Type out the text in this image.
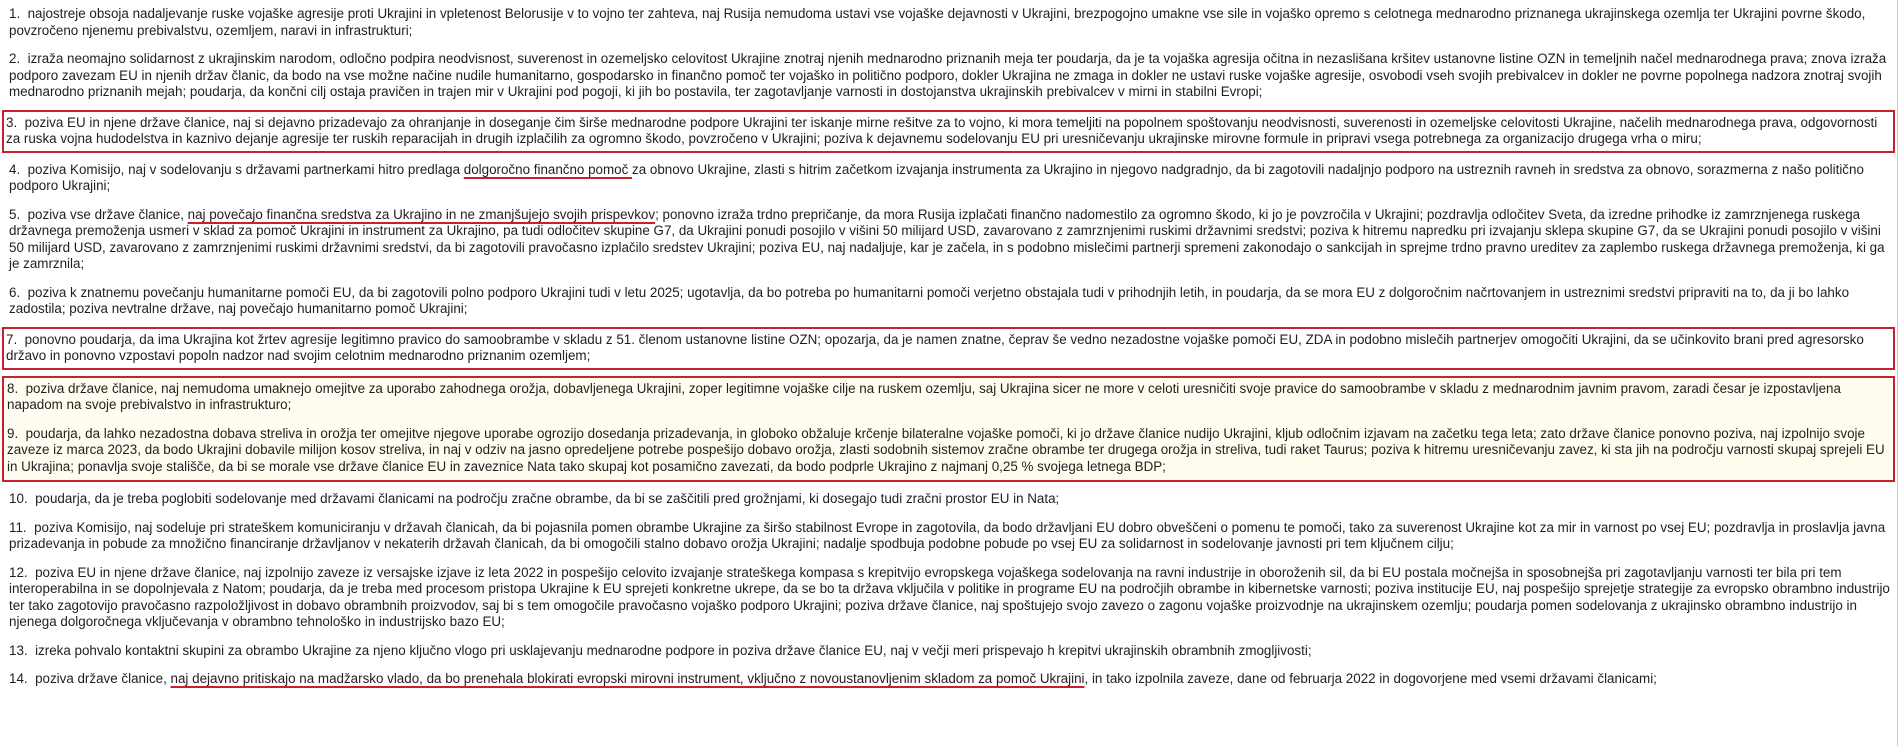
1.  najostreje obsoja nadaljevanje ruske vojaške agresije proti Ukrajini in vpletenost Belorusije v to vojno ter zahteva, naj Rusija nemudoma ustavi vse vojaške dejavnosti v Ukrajini, brezpogojno umakne vse sile in vojaško opremo s celotnega mednarodno priznanega ukrajinskega ozemlja ter Ukrajini povrne škodo, povzročeno njenemu prebivalstvu, ozemljem, naravi in infrastrukturi;

2.  izraža neomajno solidarnost z ukrajinskim narodom, odločno podpira neodvisnost, suverenost in ozemeljsko celovitost Ukrajine znotraj njenih mednarodno priznanih meja ter poudarja, da je ta vojaška agresija očitna in nezaslišana kršitev ustanovne listine OZN in temeljnih načel mednarodnega prava; znova izraža podporo zavezam EU in njenih držav članic, da bodo na vse možne načine nudile humanitarno, gospodarsko in finančno pomoč ter vojaško in politično podporo, dokler Ukrajina ne zmaga in dokler ne ustavi ruske vojaške agresije, osvobodi vseh svojih prebivalcev in dokler ne povrne popolnega nadzora znotraj svojih mednarodno priznanih mejah; poudarja, da končni cilj ostaja pravičen in trajen mir v Ukrajini pod pogoji, ki jih bo postavila, ter zagotavljanje varnosti in dostojanstva ukrajinskih prebivalcev v mirni in stabilni Evropi;

3.  poziva EU in njene države članice, naj si dejavno prizadevajo za ohranjanje in doseganje čim širše mednarodne podpore Ukrajini ter iskanje mirne rešitve za to vojno, ki mora temeljiti na popolnem spoštovanju neodvisnosti, suverenosti in ozemeljske celovitosti Ukrajine, načelih mednarodnega prava, odgovornosti za ruska vojna hudodelstva in kaznivo dejanje agresije ter ruskih reparacijah in drugih izplačilih za ogromno škodo, povzročeno v Ukrajini; poziva k dejavnemu sodelovanju EU pri uresničevanju ukrajinske mirovne formule in pripravi vsega potrebnega za organizacijo drugega vrha o miru;

4.  poziva Komisijo, naj v sodelovanju s državami partnerkami hitro predlaga dolgoročno finančno pomoč za obnovo Ukrajine, zlasti s hitrim začetkom izvajanja instrumenta za Ukrajino in njegovo nadgradnjo, da bi zagotovili nadaljnjo podporo na ustreznih ravneh in sredstva za obnovo, sorazmerna z našo politično podporo Ukrajini;

5.  poziva vse države članice, naj povečajo finančna sredstva za Ukrajino in ne zmanjšujejo svojih prispevkov; ponovno izraža trdno prepričanje, da mora Rusija izplačati finančno nadomestilo za ogromno škodo, ki jo je povzročila v Ukrajini; pozdravlja odločitev Sveta, da izredne prihodke iz zamrznjenega ruskega državnega premoženja usmeri v sklad za pomoč Ukrajini in instrument za Ukrajino, pa tudi odločitev skupine G7, da Ukrajini ponudi posojilo v višini 50 milijard USD, zavarovano z zamrznjenimi ruskimi državnimi sredstvi; poziva k hitremu napredku pri izvajanju sklepa skupine G7, da se Ukrajini ponudi posojilo v višini 50 milijard USD, zavarovano z zamrznjenimi ruskimi državnimi sredstvi, da bi zagotovili pravočasno izplačilo sredstev Ukrajini; poziva EU, naj nadaljuje, kar je začela, in s podobno mislečimi partnerji spremeni zakonodajo o sankcijah in sprejme trdno pravno ureditev za zaplembo ruskega državnega premoženja, ki ga je zamrznila;

6.  poziva k znatnemu povečanju humanitarne pomoči EU, da bi zagotovili polno podporo Ukrajini tudi v letu 2025; ugotavlja, da bo potreba po humanitarni pomoči verjetno obstajala tudi v prihodnjih letih, in poudarja, da se mora EU z dolgoročnim načrtovanjem in ustreznimi sredstvi pripraviti na to, da ji bo lahko zadostila; poziva nevtralne države, naj povečajo humanitarno pomoč Ukrajini;

7.  ponovno poudarja, da ima Ukrajina kot žrtev agresije legitimno pravico do samoobrambe v skladu z 51. členom ustanovne listine OZN; opozarja, da je namen znatne, čeprav še vedno nezadostne vojaške pomoči EU, ZDA in podobno mislečih partnerjev omogočiti Ukrajini, da se učinkovito brani pred agresorsko državo in ponovno vzpostavi popoln nadzor nad svojim celotnim mednarodno priznanim ozemljem;

8.  poziva države članice, naj nemudoma umaknejo omejitve za uporabo zahodnega orožja, dobavljenega Ukrajini, zoper legitimne vojaške cilje na ruskem ozemlju, saj Ukrajina sicer ne more v celoti uresničiti svoje pravice do samoobrambe v skladu z mednarodnim javnim pravom, zaradi česar je izpostavljena napadom na svoje prebivalstvo in infrastrukturo;

9.  poudarja, da lahko nezadostna dobava streliva in orožja ter omejitve njegove uporabe ogrozijo dosedanja prizadevanja, in globoko obžaluje krčenje bilateralne vojaške pomoči, ki jo države članice nudijo Ukrajini, kljub odločnim izjavam na začetku tega leta; zato države članice ponovno poziva, naj izpolnijo svoje zaveze iz marca 2023, da bodo Ukrajini dobavile milijon kosov streliva, in naj v odziv na jasno opredeljene potrebe pospešijo dobavo orožja, zlasti sodobnih sistemov zračne obrambe ter drugega orožja in streliva, tudi raket Taurus; poziva k hitremu uresničevanju zavez, ki sta jih na področju varnosti skupaj sprejeli EU in Ukrajina; ponavlja svoje stališče, da bi se morale vse države članice EU in zaveznice Nata tako skupaj kot posamično zavezati, da bodo podprle Ukrajino z najmanj 0,25 % svojega letnega BDP;

10.  poudarja, da je treba poglobiti sodelovanje med državami članicami na področju zračne obrambe, da bi se zaščitili pred grožnjami, ki dosegajo tudi zračni prostor EU in Nata;

11.  poziva Komisijo, naj sodeluje pri strateškem komuniciranju v državah članicah, da bi pojasnila pomen obrambe Ukrajine za širšo stabilnost Evrope in zagotovila, da bodo državljani EU dobro obveščeni o pomenu te pomoči, tako za suverenost Ukrajine kot za mir in varnost po vsej EU; pozdravlja in proslavlja javna prizadevanja in pobude za množično financiranje državljanov v nekaterih državah članicah, da bi omogočili stalno dobavo orožja Ukrajini; nadalje spodbuja podobne pobude po vsej EU za solidarnost in sodelovanje javnosti pri tem ključnem cilju;

12.  poziva EU in njene države članice, naj izpolnijo zaveze iz versajske izjave iz leta 2022 in pospešijo celovito izvajanje strateškega kompasa s krepitvijo evropskega vojaškega sodelovanja na ravni industrije in oboroženih sil, da bi EU postala močnejša in sposobnejša pri zagotavljanju varnosti ter bila pri tem interoperabilna in se dopolnjevala z Natom; poudarja, da je treba med procesom pristopa Ukrajine k EU sprejeti konkretne ukrepe, da se bo ta država vključila v politike in programe EU na področjih obrambe in kibernetske varnosti; poziva institucije EU, naj pospešijo sprejetje strategije za evropsko obrambno industrijo ter tako zagotovijo pravočasno razpoložljivost in dobavo obrambnih proizvodov, saj bi s tem omogočile pravočasno vojaško podporo Ukrajini; poziva države članice, naj spoštujejo svojo zavezo o zagonu vojaške proizvodnje na ukrajinskem ozemlju; poudarja pomen sodelovanja z ukrajinsko obrambno industrijo in njenega dolgoročnega vključevanja v obrambno tehnološko in industrijsko bazo EU;

13.  izreka pohvalo kontaktni skupini za obrambo Ukrajine za njeno ključno vlogo pri usklajevanju mednarodne podpore in poziva države članice EU, naj v večji meri prispevajo h krepitvi ukrajinskih obrambnih zmogljivosti;

14.  poziva države članice, naj dejavno pritiskajo na madžarsko vlado, da bo prenehala blokirati evropski mirovni instrument, vključno z novoustanovljenim skladom za pomoč Ukrajini, in tako izpolnila zaveze, dane od februarja 2022 in dogovorjene med vsemi državami članicami;
